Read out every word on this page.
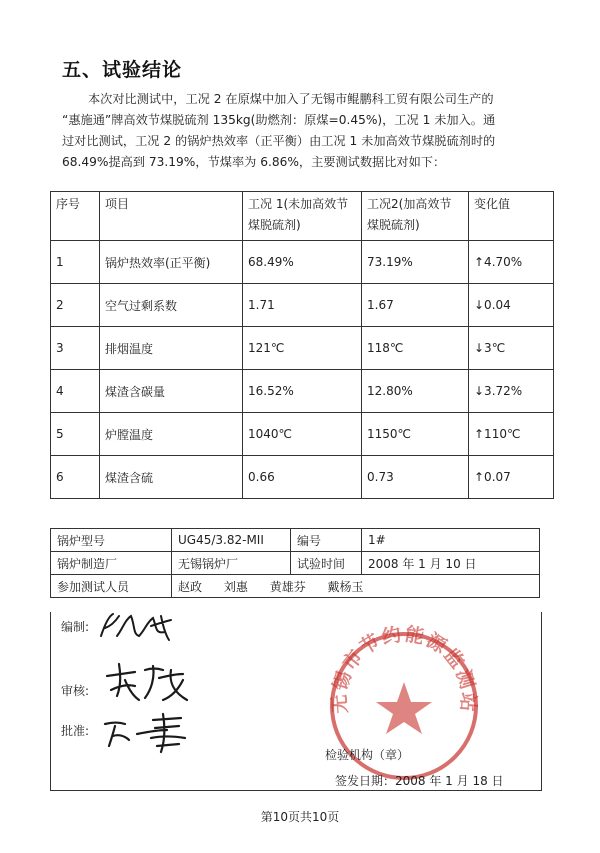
五、试验结论

本次对比测试中，工况 2 在原煤中加入了无锡市鲲鹏科工贸有限公司生产的

“惠施通”牌高效节煤脱硫剂 135kg(助燃剂：原煤=0.45%)，工况 1 未加入。通

过对比测试，工况 2 的锅炉热效率（正平衡）由工况 1 未加高效节煤脱硫剂时的

68.49%提高到 73.19%，节煤率为 6.86%，主要测试数据比对如下：

序号	项目	工况 1(未加高效节煤脱硫剂)	工况2(加高效节煤脱硫剂)	变化值
1	锅炉热效率(正平衡)	68.49%	73.19%	↑4.70%
2	空气过剩系数	1.71	1.67	↓0.04
3	排烟温度	121℃	118℃	↓3℃
4	煤渣含碳量	16.52%	12.80%	↓3.72%
5	炉膛温度	1040℃	1150℃	↑110℃
6	煤渣含硫	0.66	0.73	↑0.07
锅炉型号	UG45/3.82-MII	编号	1#
锅炉制造厂	无锡锅炉厂	试验时间	2008 年 1 月 10 日
参加测试人员	赵政 刘惠 黄雄芬 戴杨玉		
编制:
审核:
批准:
无锡市节约能源监测站
检验机构（章）
签发日期：2008 年 1 月 18 日
第10页共10页
